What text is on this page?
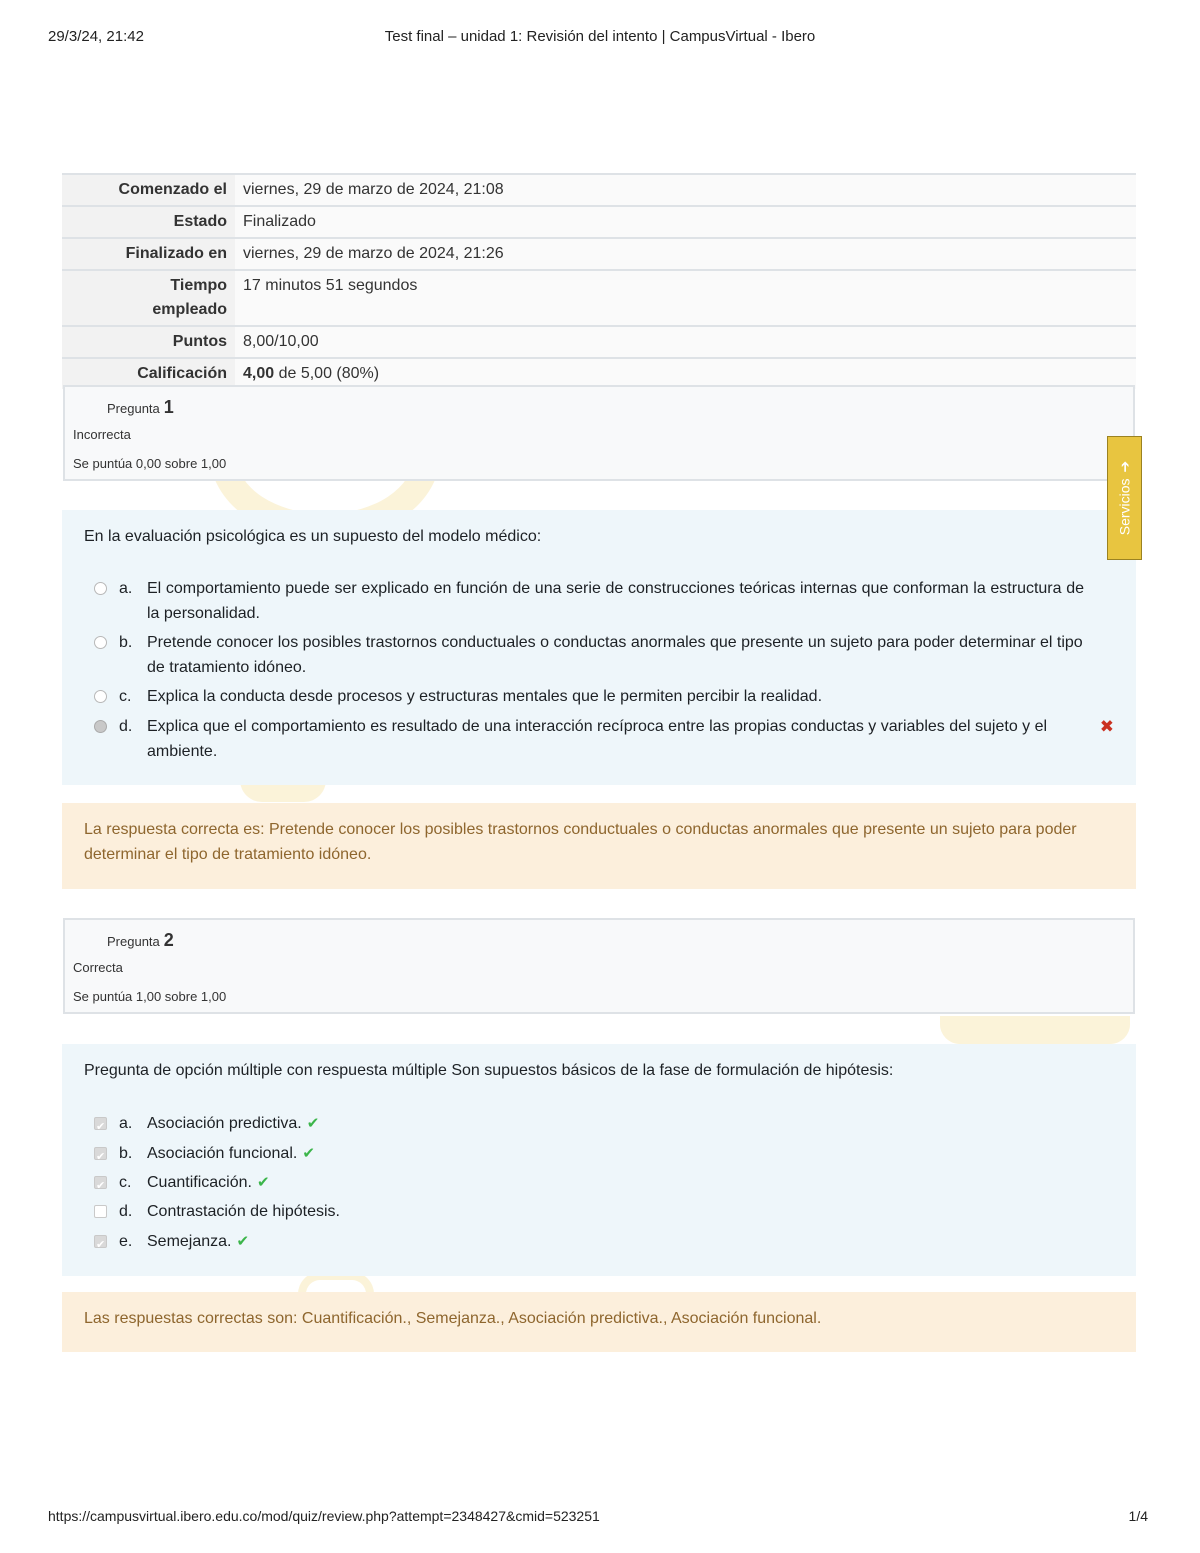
29/3/24, 21:42	Test final – unidad 1: Revisión del intento | CampusVirtual - Ibero
Comenzado el	viernes, 29 de marzo de 2024, 21:08
Estado	Finalizado
Finalizado en	viernes, 29 de marzo de 2024, 21:26
Tiempo empleado	17 minutos 51 segundos
Puntos	8,00/10,00
Calificación	4,00 de 5,00 (80%)
Pregunta 1
Incorrecta
Se puntúa 0,00 sobre 1,00
En la evaluación psicológica es un supuesto del modelo médico:
a. El comportamiento puede ser explicado en función de una serie de construcciones teóricas internas que conforman la estructura de la personalidad.
b. Pretende conocer los posibles trastornos conductuales o conductas anormales que presente un sujeto para poder determinar el tipo de tratamiento idóneo.
c. Explica la conducta desde procesos y estructuras mentales que le permiten percibir la realidad.
d. Explica que el comportamiento es resultado de una interacción recíproca entre las propias conductas y variables del sujeto y el ambiente.
✖
La respuesta correcta es: Pretende conocer los posibles trastornos conductuales o conductas anormales que presente un sujeto para poder determinar el tipo de tratamiento idóneo.
Pregunta 2
Correcta
Se puntúa 1,00 sobre 1,00
Pregunta de opción múltiple con respuesta múltiple Son supuestos básicos de la fase de formulación de hipótesis:
✔
a. Asociación predictiva. ✔
✔
b. Asociación funcional. ✔
✔
c. Cuantificación. ✔
d. Contrastación de hipótesis.
✔
e. Semejanza. ✔
Las respuestas correctas son: Cuantificación., Semejanza., Asociación predictiva., Asociación funcional.
Servicios➔
https://campusvirtual.ibero.edu.co/mod/quiz/review.php?attempt=2348427&cmid=523251	1/4
